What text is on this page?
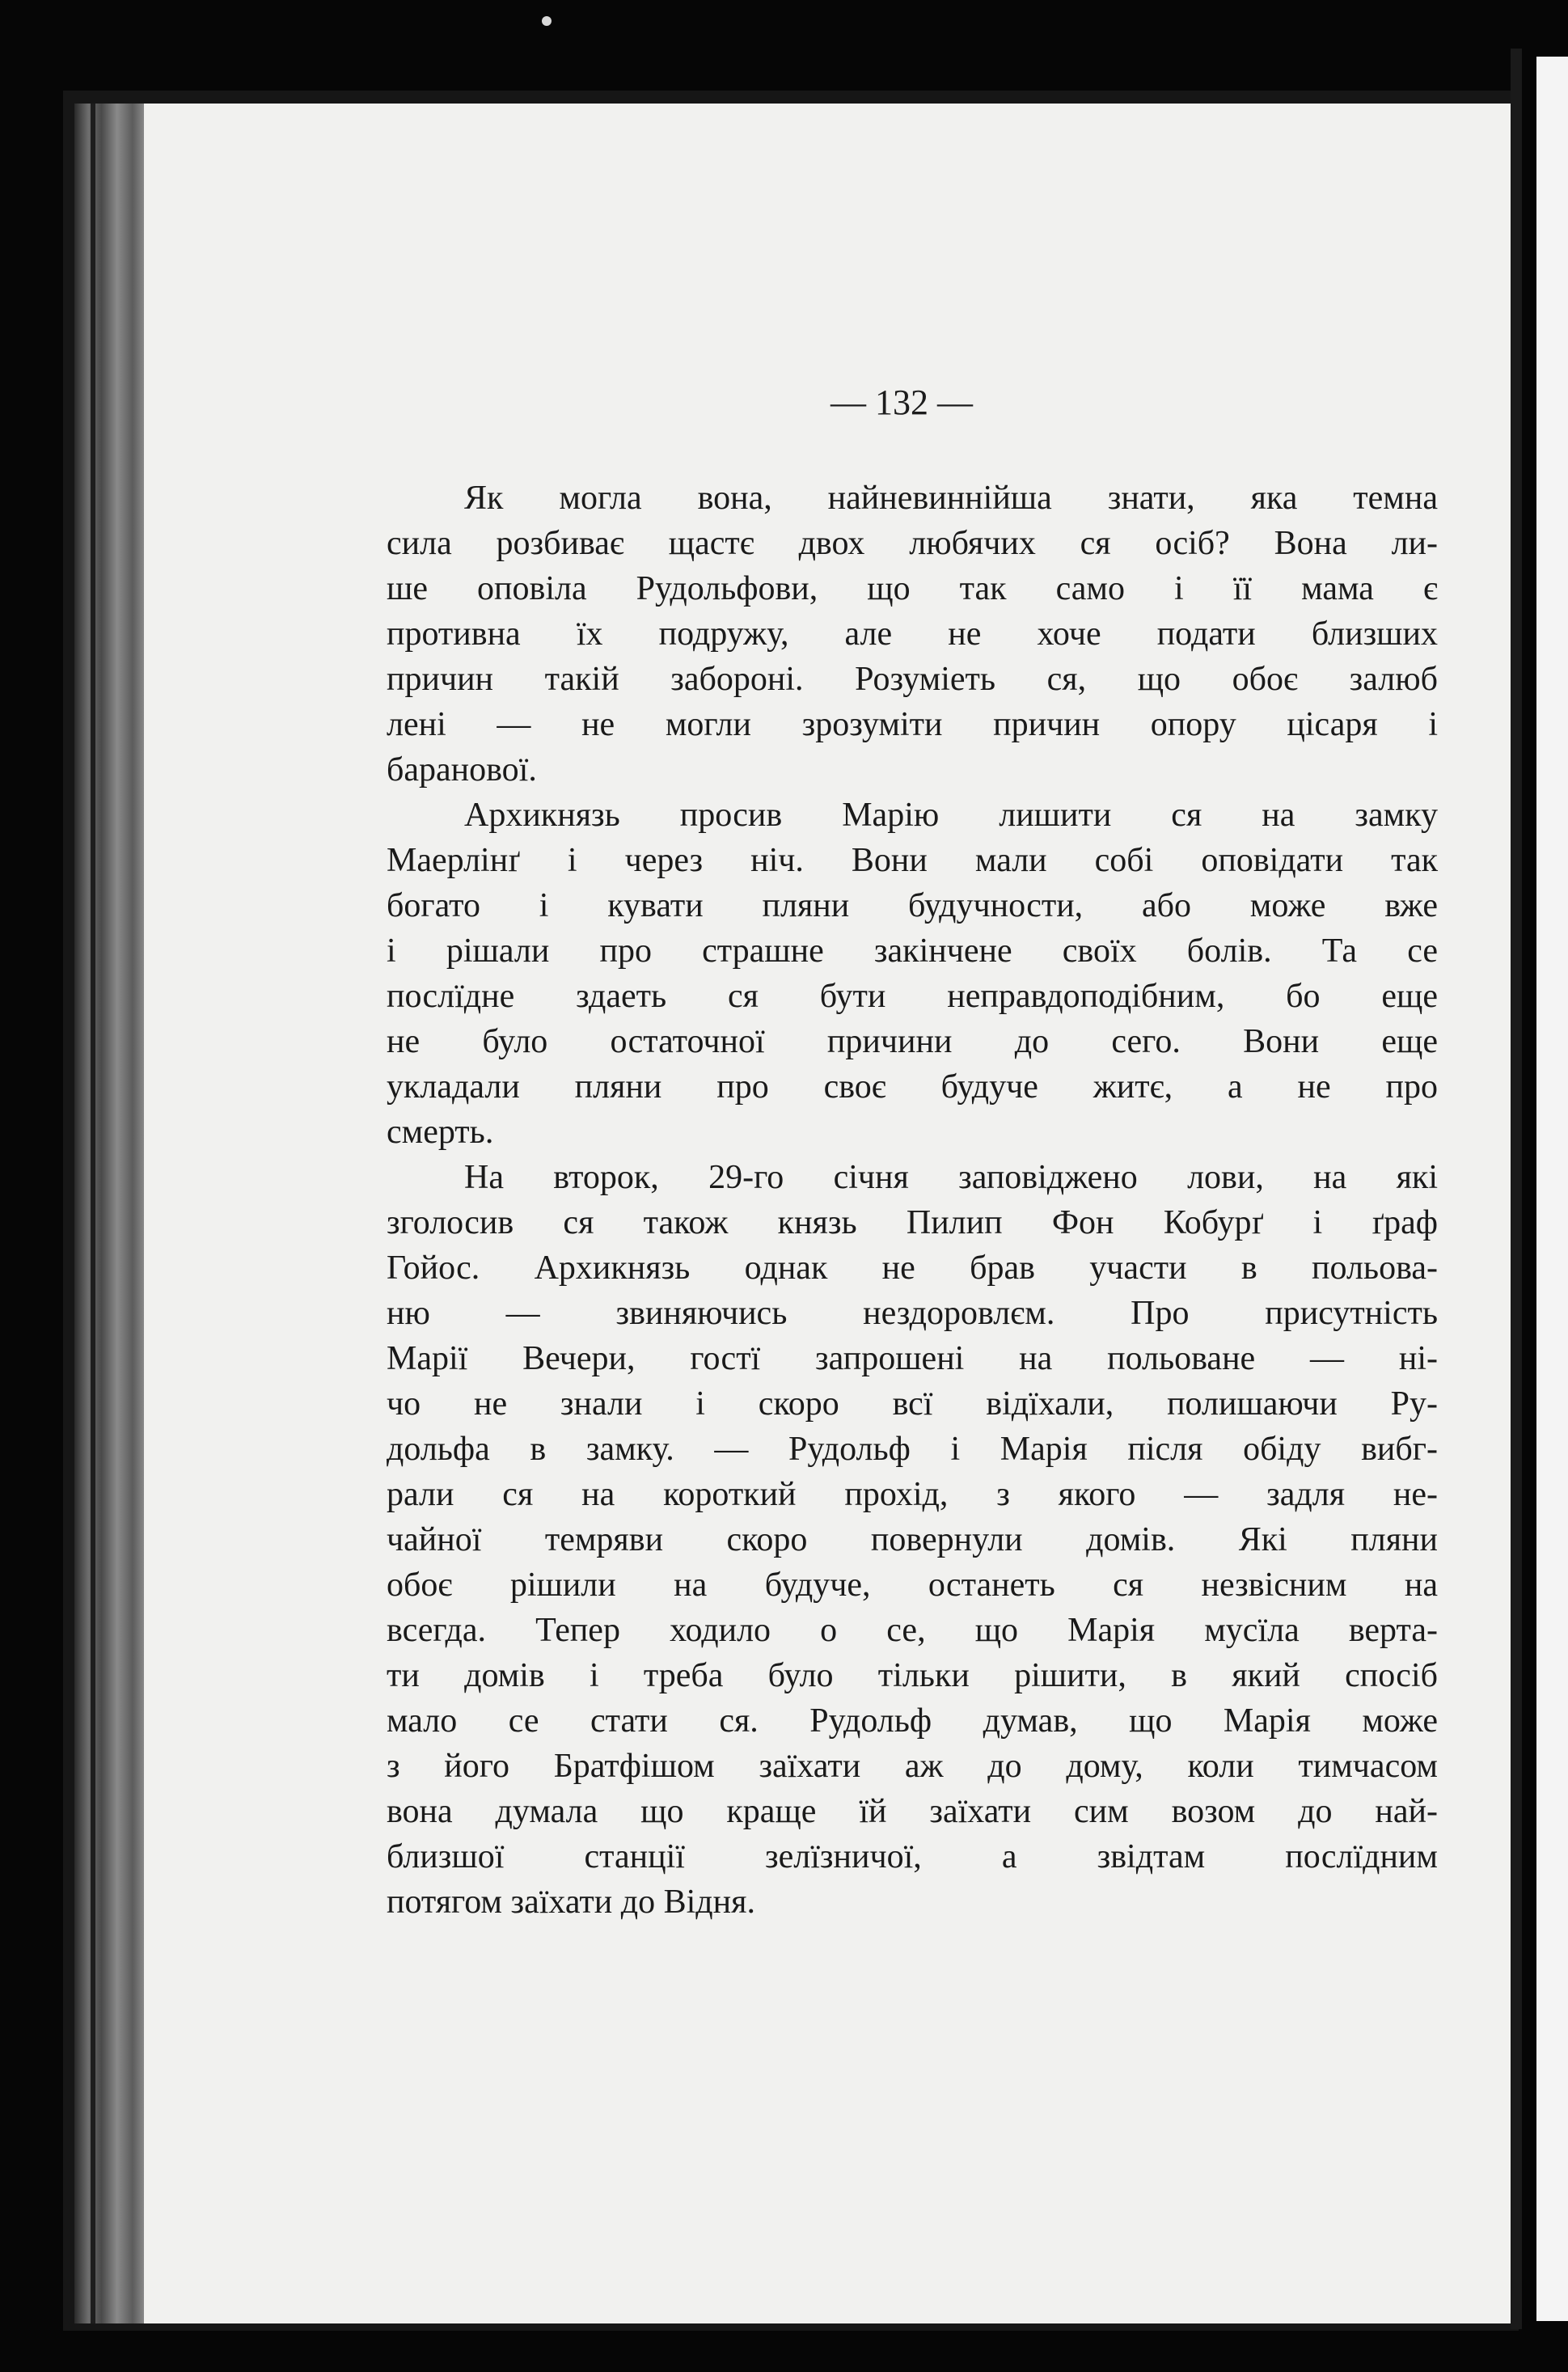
— 132 —
Як могла вона, найневиннійша знати, яка темна
сила розбиває щастє двох любячих ся осіб? Вона ли-
ше оповіла Рудольфови, що так само і її мама є
противна їх подружу, але не хоче подати близших
причин такій забороні. Розуміеть ся, що обоє залюб
лені — не могли зрозуміти причин опору цісаря і
баранової.
Архикнязь просив Марію лишити ся на замку
Маерлінґ і через ніч. Вони мали собі оповідати так
богато і кувати пляни будучности, або може вже
і рішали про страшне закінчене своїх болів. Та се
послїдне здаеть ся бути неправдоподібним, бо еще
не було остаточної причини до сего. Вони еще
укладали пляни про своє будуче житє, а не про
смерть.
На второк, 29-го січня заповіджено лови, на які
зголосив ся також князь Пилип Фон Кобурґ і ґраф
Гойос. Архикнязь однак не брав участи в польова-
ню — звиняючись нездоровлєм. Про присутність
Марії Вечери, гостї запрошені на польоване — ні-
чо не знали і скоро всї відїхали, полишаючи Ру-
дольфа в замку. — Рудольф і Марія після обіду вибг-
рали ся на короткий прохід, з якого — задля не-
чайної темряви скоро повернули домів. Які пляни
обоє рішили на будуче, останеть ся незвісним на
всегда. Тепер ходило о се, що Марія мусїла верта-
ти домів і треба було тільки рішити, в який спосіб
мало се стати ся. Рудольф думав, що Марія може
з його Братфішом заїхати аж до дому, коли тимчасом
вона думала що краще їй заїхати сим возом до най-
близшої станції зелїзничої, а звідтам послїдним
потягом заїхати до Відня.
